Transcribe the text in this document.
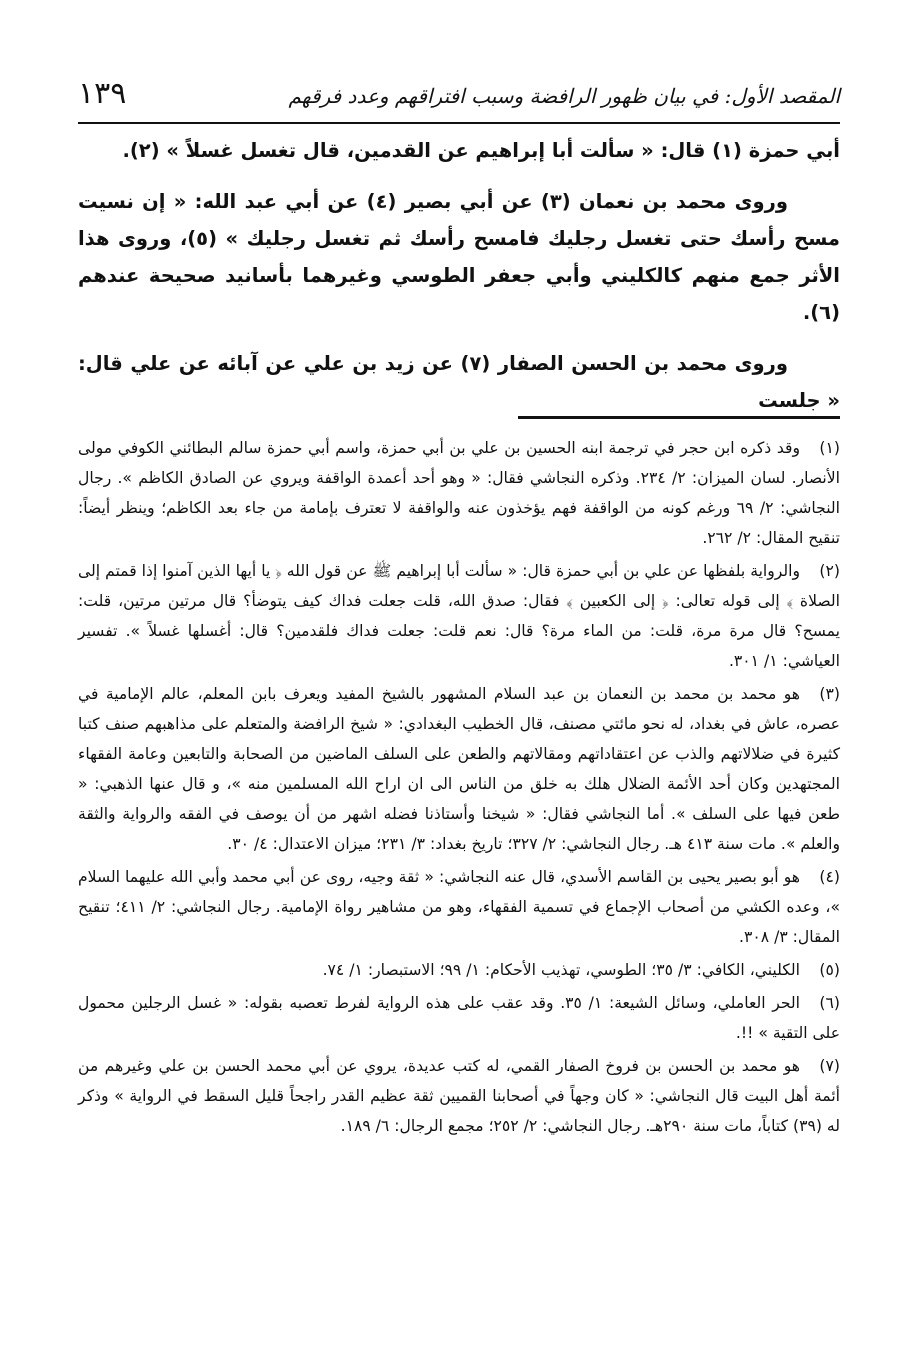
١٣٩	المقصد الأول: في بيان ظهور الرافضة وسبب افتراقهم وعدد فرقهم

أبي حمزة (١) قال: « سألت أبا إبراهيم عن القدمين، قال تغسل غسلاً » (٢).

وروى محمد بن نعمان (٣) عن أبي بصير (٤) عن أبي عبد الله: « إن نسيت مسح رأسك حتى تغسل رجليك فامسح رأسك ثم تغسل رجليك » (٥)، وروى هذا الأثر جمع منهم كالكليني وأبي جعفر الطوسي وغيرهما بأسانيد صحيحة عندهم (٦).

وروى محمد بن الحسن الصفار (٧) عن زيد بن علي عن آبائه عن علي قال: « جلست

(١)وقد ذكره ابن حجر في ترجمة ابنه الحسين بن علي بن أبي حمزة، واسم أبي حمزة سالم البطائني الكوفي مولى الأنصار. لسان الميزان: ٢/ ٢٣٤. وذكره النجاشي فقال: « وهو أحد أعمدة الواقفة ويروي عن الصادق الكاظم ». رجال النجاشي: ٢/ ٦٩ ورغم كونه من الواقفة فهم يؤخذون عنه والواقفة لا تعترف بإمامة من جاء بعد الكاظم؛ وينظر أيضاً: تنقيح المقال: ٢/ ٢٦٢.
(٢)والرواية بلفظها عن علي بن أبي حمزة قال: « سألت أبا إبراهيم ﷺ عن قول الله ﴿ يا أيها الذين آمنوا إذا قمتم إلى الصلاة ﴾ إلى قوله تعالى: ﴿ إلى الكعبين ﴾ فقال: صدق الله، قلت جعلت فداك كيف يتوضأ؟ قال مرتين مرتين، قلت: يمسح؟ قال مرة مرة، قلت: من الماء مرة؟ قال: نعم قلت: جعلت فداك فلقدمين؟ قال: أغسلها غسلاً ». تفسير العياشي: ١/ ٣٠١.
(٣)هو محمد بن محمد بن النعمان بن عبد السلام المشهور بالشيخ المفيد ويعرف بابن المعلم، عالم الإمامية في عصره، عاش في بغداد، له نحو مائتي مصنف، قال الخطيب البغدادي: « شيخ الرافضة والمتعلم على مذاهبهم صنف كتبا كثيرة في ضلالاتهم والذب عن اعتقاداتهم ومقالاتهم والطعن على السلف الماضين من الصحابة والتابعين وعامة الفقهاء المجتهدين وكان أحد الأئمة الضلال هلك به خلق من الناس الى ان اراح الله المسلمين منه »، و قال عنها الذهبي: « طعن فيها على السلف ». أما النجاشي فقال: « شيخنا وأستاذنا فضله اشهر من أن يوصف في الفقه والرواية والثقة والعلم ». مات سنة ٤١٣ هـ. رجال النجاشي: ٢/ ٣٢٧؛ تاريخ بغداد: ٣/ ٢٣١؛ ميزان الاعتدال: ٤/ ٣٠.
(٤)هو أبو بصير يحيى بن القاسم الأسدي، قال عنه النجاشي: « ثقة وجيه، روى عن أبي محمد وأبي الله عليهما السلام »، وعده الكشي من أصحاب الإجماع في تسمية الفقهاء، وهو من مشاهير رواة الإمامية. رجال النجاشي: ٢/ ٤١١؛ تنقيح المقال: ٣/ ٣٠٨.
(٥)الكليني، الكافي: ٣/ ٣٥؛ الطوسي، تهذيب الأحكام: ١/ ٩٩؛ الاستبصار: ١/ ٧٤.
(٦)الحر العاملي، وسائل الشيعة: ١/ ٣٥. وقد عقب على هذه الرواية لفرط تعصبه بقوله: « غسل الرجلين محمول على التقية » !!.
(٧)هو محمد بن الحسن بن فروخ الصفار القمي، له كتب عديدة، يروي عن أبي محمد الحسن بن علي وغيرهم من أئمة أهل البيت قال النجاشي: « كان وجهاً في أصحابنا القميين ثقة عظيم القدر راجحاً قليل السقط في الرواية » وذكر له (٣٩) كتاباً، مات سنة ٢٩٠هـ. رجال النجاشي: ٢/ ٢٥٢؛ مجمع الرجال: ٦/ ١٨٩.
